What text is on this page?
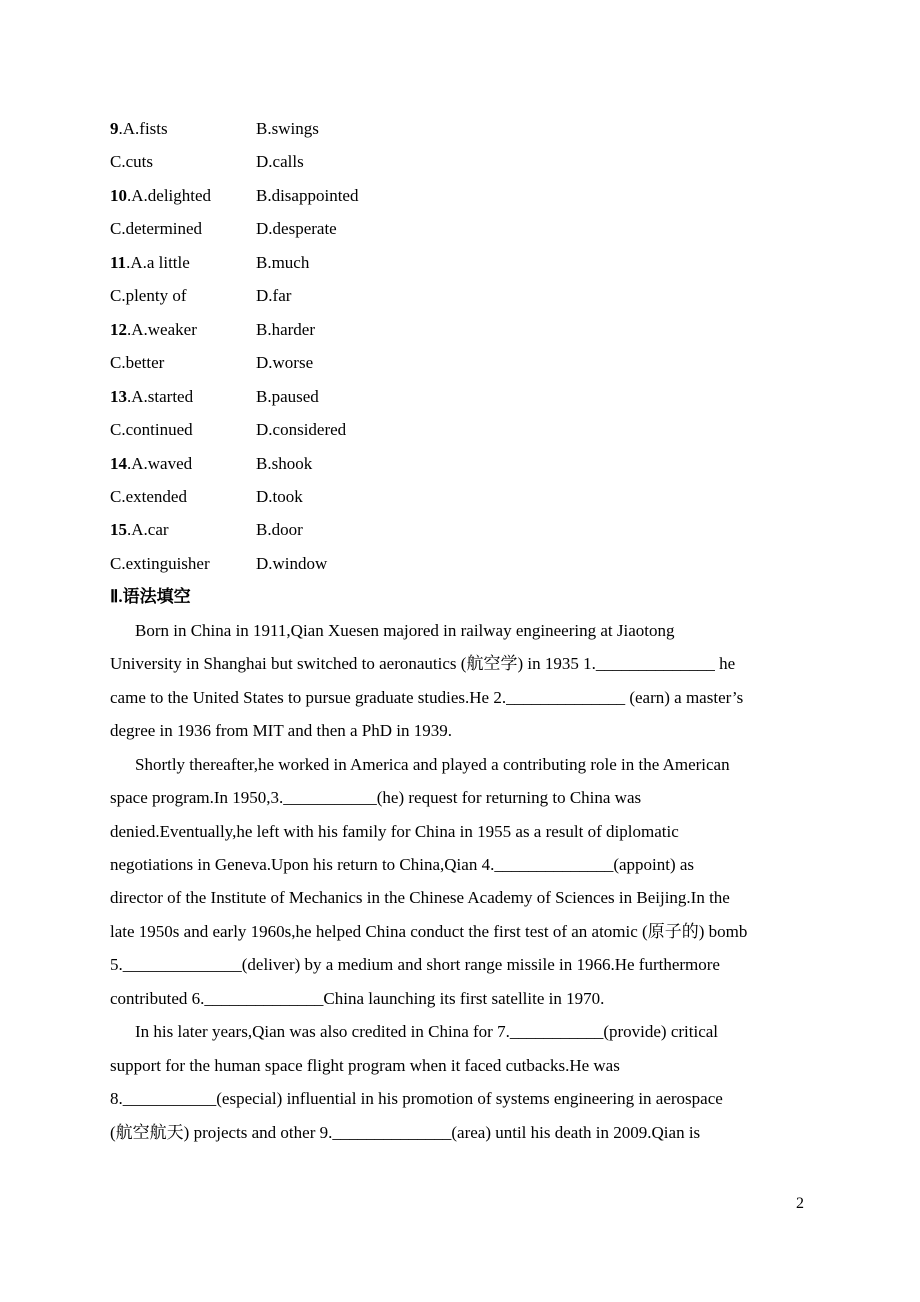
9.A.fists	B.swings
C.cuts	D.calls
10.A.delighted	B.disappointed
C.determined	D.desperate
11.A.a little	B.much
C.plenty of	D.far
12.A.weaker	B.harder
C.better	D.worse
13.A.started	B.paused
C.continued	D.considered
14.A.waved	B.shook
C.extended	D.took
15.A.car	B.door
C.extinguisher	D.window
Ⅱ.语法填空
Born in China in 1911,Qian Xuesen majored in railway engineering at Jiaotong
University in Shanghai but switched to aeronautics (航空学) in 1935 1.______________ he
came to the United States to pursue graduate studies.He 2.______________ (earn) a master’s
degree in 1936 from MIT and then a PhD in 1939.
Shortly thereafter,he worked in America and played a contributing role in the American
space program.In 1950,3.___________(he) request for returning to China was
denied.Eventually,he left with his family for China in 1955 as a result of diplomatic
negotiations in Geneva.Upon his return to China,Qian 4.______________(appoint) as
director of the Institute of Mechanics in the Chinese Academy of Sciences in Beijing.In the
late 1950s and early 1960s,he helped China conduct the first test of an atomic (原子的) bomb
5.______________(deliver) by a medium and short range missile in 1966.He furthermore
contributed 6.______________China launching its first satellite in 1970.
In his later years,Qian was also credited in China for 7.___________(provide) critical
support for the human space flight program when it faced cutbacks.He was
8.___________(especial) influential in his promotion of systems engineering in aerospace
(航空航天) projects and other 9.______________(area) until his death in 2009.Qian is
2
